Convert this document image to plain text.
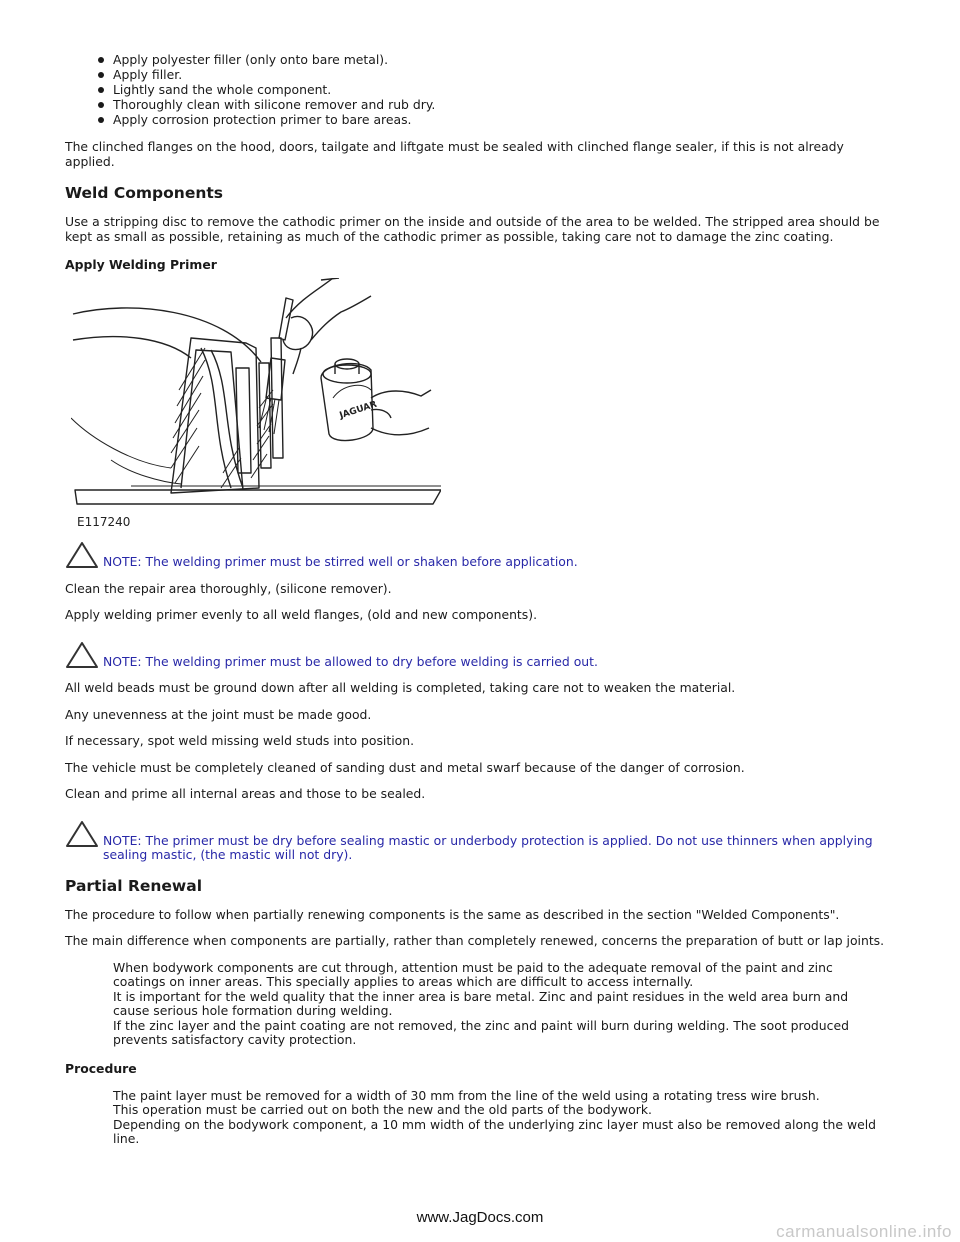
Apply polyester filler (only onto bare metal).
Apply filler.
Lightly sand the whole component.
Thoroughly clean with silicone remover and rub dry.
Apply corrosion protection primer to bare areas.

The clinched flanges on the hood, doors, tailgate and liftgate must be sealed with clinched flange sealer, if this is not already applied.

Weld Components

Use a stripping disc to remove the cathodic primer on the inside and outside of the area to be welded. The stripped area should be kept as small as possible, retaining as much of the cathodic primer as possible, taking care not to damage the zinc coating.

Apply Welding Primer
JAGUAR
E117240
NOTE: The welding primer must be stirred well or shaken before application.

Clean the repair area thoroughly, (silicone remover).

Apply welding primer evenly to all weld flanges, (old and new components).

NOTE: The welding primer must be allowed to dry before welding is carried out.

All weld beads must be ground down after all welding is completed, taking care not to weaken the material.

Any unevenness at the joint must be made good.

If necessary, spot weld missing weld studs into position.

The vehicle must be completely cleaned of sanding dust and metal swarf because of the danger of corrosion.

Clean and prime all internal areas and those to be sealed.

NOTE: The primer must be dry before sealing mastic or underbody protection is applied. Do not use thinners when applying sealing mastic, (the mastic will not dry).
Partial Renewal

The procedure to follow when partially renewing components is the same as described in the section "Welded Components".

The main difference when components are partially, rather than completely renewed, concerns the preparation of butt or lap joints.

When bodywork components are cut through, attention must be paid to the adequate removal of the paint and zinc coatings on inner areas. This specially applies to areas which are difficult to access internally.

It is important for the weld quality that the inner area is bare metal. Zinc and paint residues in the weld area burn and cause serious hole formation during welding.

If the zinc layer and the paint coating are not removed, the zinc and paint will burn during welding. The soot produced prevents satisfactory cavity protection.

Procedure

The paint layer must be removed for a width of 30 mm from the line of the weld using a rotating tress wire brush.

This operation must be carried out on both the new and the old parts of the bodywork.

Depending on the bodywork component, a 10 mm width of the underlying zinc layer must also be removed along the weld line.

www.JagDocs.com
carmanualsonline.info
